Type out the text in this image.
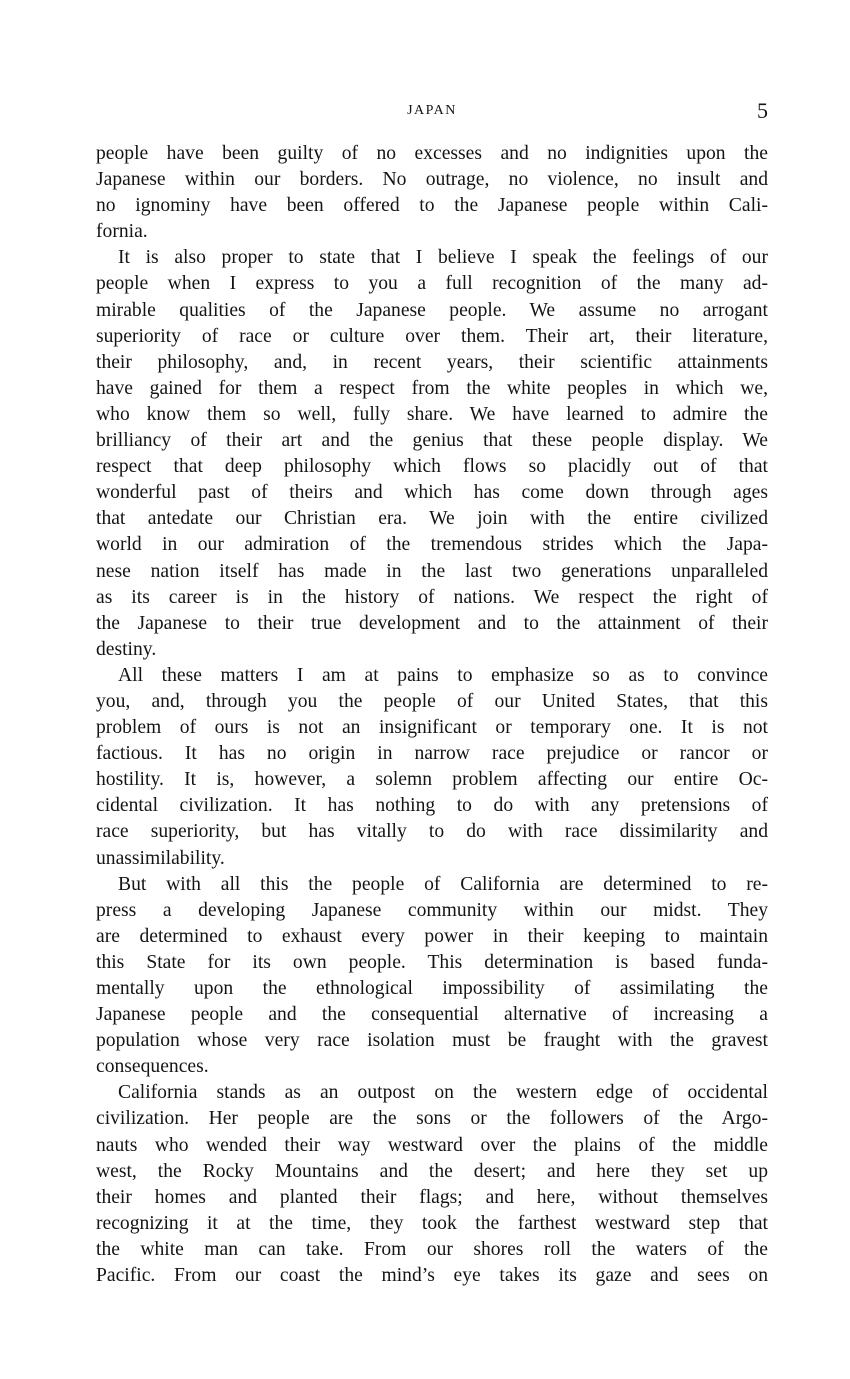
JAPAN	5
people have been guilty of no excesses and no indignities upon the
Japanese within our borders. No outrage, no violence, no insult and
no ignominy have been offered to the Japanese people within Cali-
fornia.
It is also proper to state that I believe I speak the feelings of our
people when I express to you a full recognition of the many ad-
mirable qualities of the Japanese people. We assume no arrogant
superiority of race or culture over them. Their art, their literature,
their philosophy, and, in recent years, their scientific attainments
have gained for them a respect from the white peoples in which we,
who know them so well, fully share. We have learned to admire the
brilliancy of their art and the genius that these people display. We
respect that deep philosophy which flows so placidly out of that
wonderful past of theirs and which has come down through ages
that antedate our Christian era. We join with the entire civilized
world in our admiration of the tremendous strides which the Japa-
nese nation itself has made in the last two generations unparalleled
as its career is in the history of nations. We respect the right of
the Japanese to their true development and to the attainment of their
destiny.
All these matters I am at pains to emphasize so as to convince
you, and, through you the people of our United States, that this
problem of ours is not an insignificant or temporary one. It is not
factious. It has no origin in narrow race prejudice or rancor or
hostility. It is, however, a solemn problem affecting our entire Oc-
cidental civilization. It has nothing to do with any pretensions of
race superiority, but has vitally to do with race dissimilarity and
unassimilability.
But with all this the people of California are determined to re-
press a developing Japanese community within our midst. They
are determined to exhaust every power in their keeping to maintain
this State for its own people. This determination is based funda-
mentally upon the ethnological impossibility of assimilating the
Japanese people and the consequential alternative of increasing a
population whose very race isolation must be fraught with the gravest
consequences.
California stands as an outpost on the western edge of occidental
civilization. Her people are the sons or the followers of the Argo-
nauts who wended their way westward over the plains of the middle
west, the Rocky Mountains and the desert; and here they set up
their homes and planted their flags; and here, without themselves
recognizing it at the time, they took the farthest westward step that
the white man can take. From our shores roll the waters of the
Pacific. From our coast the mind’s eye takes its gaze and sees on
